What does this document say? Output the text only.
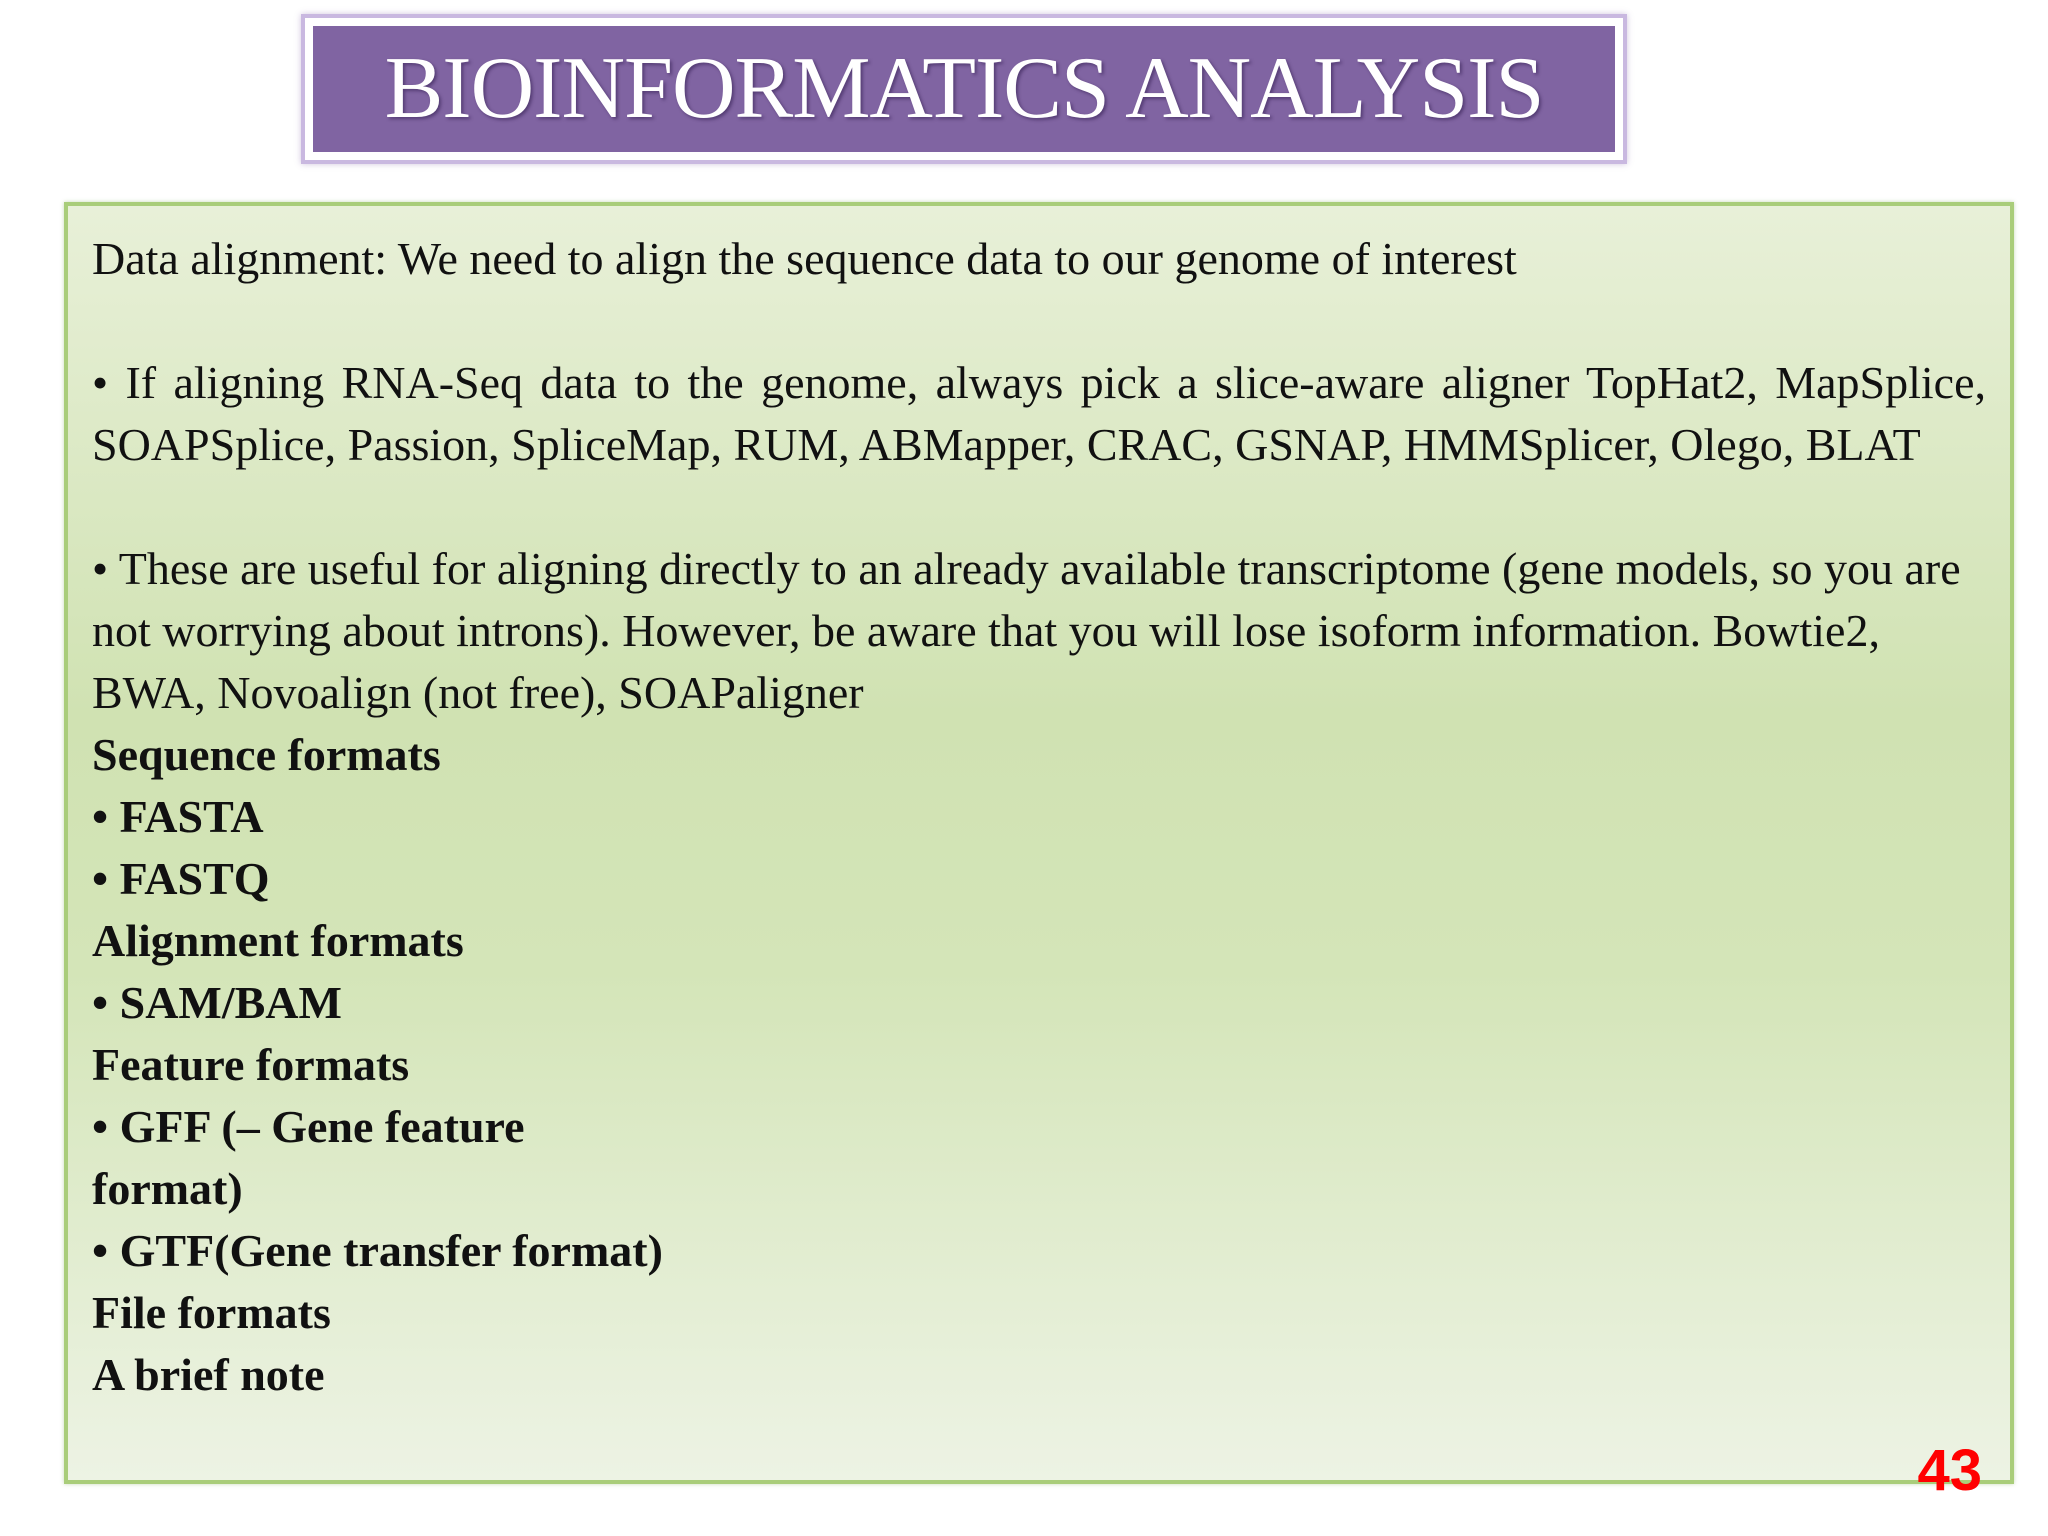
BIOINFORMATICS ANALYSIS

Data alignment: We need to align the sequence data to our genome of interest

• If aligning RNA-Seq data to the genome, always pick a slice-aware aligner TopHat2, MapSplice, SOAPSplice, Passion, SpliceMap, RUM, ABMapper, CRAC, GSNAP, HMMSplicer, Olego, BLAT

• These are useful for aligning directly to an already available transcriptome (gene models, so you are not worrying about introns). However, be aware that you will lose isoform information. Bowtie2, BWA, Novoalign (not free), SOAPaligner

Sequence formats

• FASTA

• FASTQ

Alignment formats

• SAM/BAM

Feature formats

• GFF (– Gene feature

format)

• GTF(Gene transfer format)

File formats

A brief note

43
